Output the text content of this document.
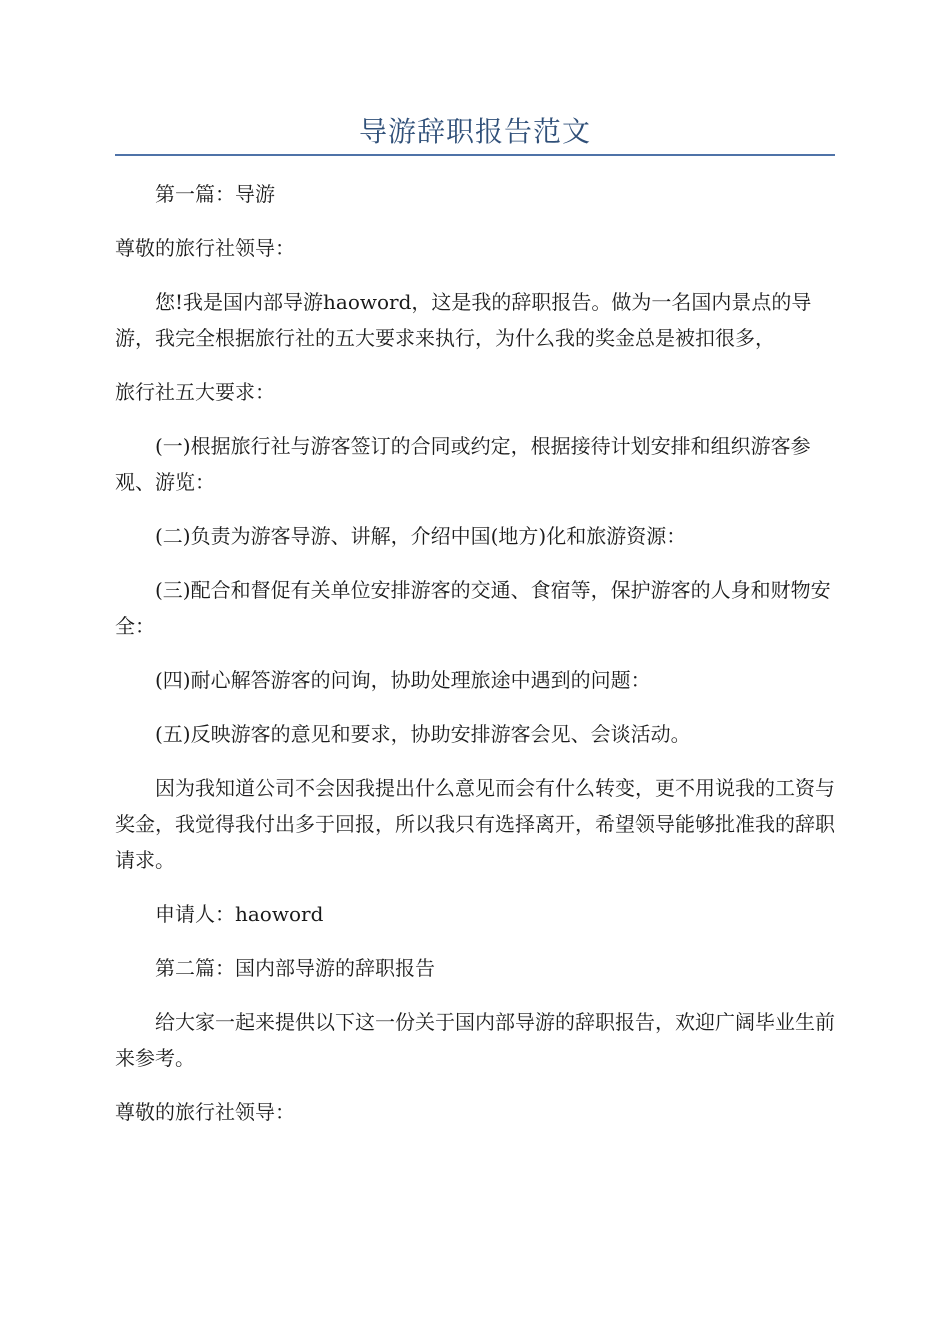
导游辞职报告范文

第一篇：导游

尊敬的旅行社领导：

您!我是国内部导游haoword，这是我的辞职报告。做为一名国内景点的导游，我完全根据旅行社的五大要求来执行，为什么我的奖金总是被扣很多，

旅行社五大要求：

(一)根据旅行社与游客签订的合同或约定，根据接待计划安排和组织游客参观、游览：

(二)负责为游客导游、讲解，介绍中国(地方)化和旅游资源：

(三)配合和督促有关单位安排游客的交通、食宿等，保护游客的人身和财物安全：

(四)耐心解答游客的问询，协助处理旅途中遇到的问题：

(五)反映游客的意见和要求，协助安排游客会见、会谈活动。

因为我知道公司不会因我提出什么意见而会有什么转变，更不用说我的工资与奖金，我觉得我付出多于回报，所以我只有选择离开，希望领导能够批准我的辞职请求。

申请人：haoword

第二篇：国内部导游的辞职报告

给大家一起来提供以下这一份关于国内部导游的辞职报告，欢迎广阔毕业生前来参考。

尊敬的旅行社领导：
